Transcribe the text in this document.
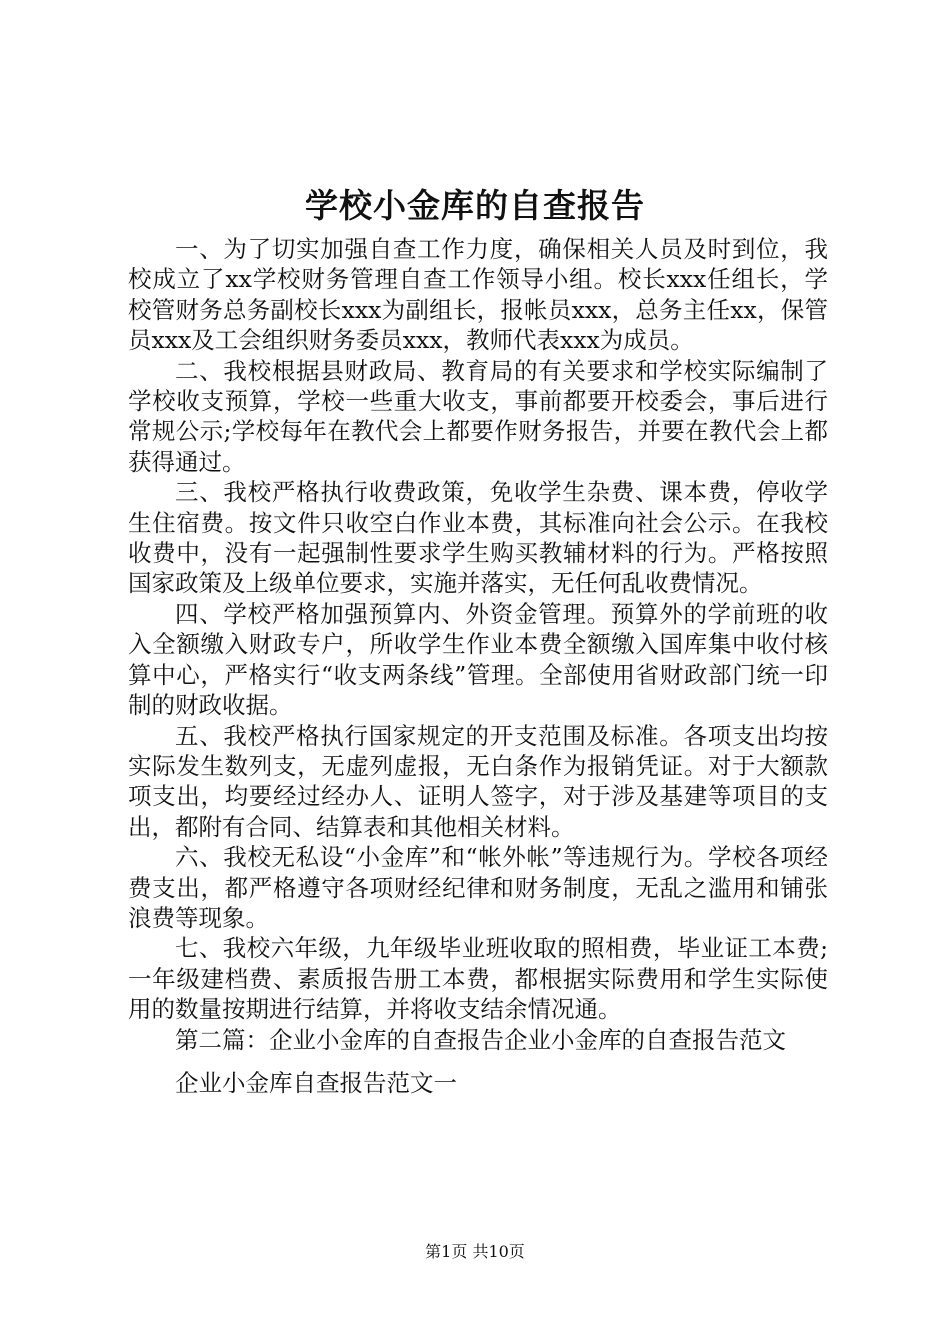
学校小金库的自查报告

一、为了切实加强自查工作力度，确保相关人员及时到位，我校成立了xx学校财务管理自查工作领导小组。校长xxx任组长，学校管财务总务副校长xxx为副组长，报帐员xxx，总务主任xx，保管员xxx及工会组织财务委员xxx，教师代表xxx为成员。

二、我校根据县财政局、教育局的有关要求和学校实际编制了学校收支预算，学校一些重大收支，事前都要开校委会，事后进行常规公示;学校每年在教代会上都要作财务报告，并要在教代会上都获得通过。

三、我校严格执行收费政策，免收学生杂费、课本费，停收学生住宿费。按文件只收空白作业本费，其标准向社会公示。在我校收费中，没有一起强制性要求学生购买教辅材料的行为。严格按照国家政策及上级单位要求，实施并落实，无任何乱收费情况。

四、学校严格加强预算内、外资金管理。预算外的学前班的收入全额缴入财政专户，所收学生作业本费全额缴入国库集中收付核算中心，严格实行“收支两条线”管理。全部使用省财政部门统一印制的财政收据。

五、我校严格执行国家规定的开支范围及标准。各项支出均按实际发生数列支，无虚列虚报，无白条作为报销凭证。对于大额款项支出，均要经过经办人、证明人签字，对于涉及基建等项目的支出，都附有合同、结算表和其他相关材料。

六、我校无私设“小金库”和“帐外帐”等违规行为。学校各项经费支出，都严格遵守各项财经纪律和财务制度，无乱之滥用和铺张浪费等现象。

七、我校六年级，九年级毕业班收取的照相费，毕业证工本费;一年级建档费、素质报告册工本费，都根据实际费用和学生实际使用的数量按期进行结算，并将收支结余情况通。

第二篇：企业小金库的自查报告企业小金库的自查报告范文

企业小金库自查报告范文一

第1页 共10页
